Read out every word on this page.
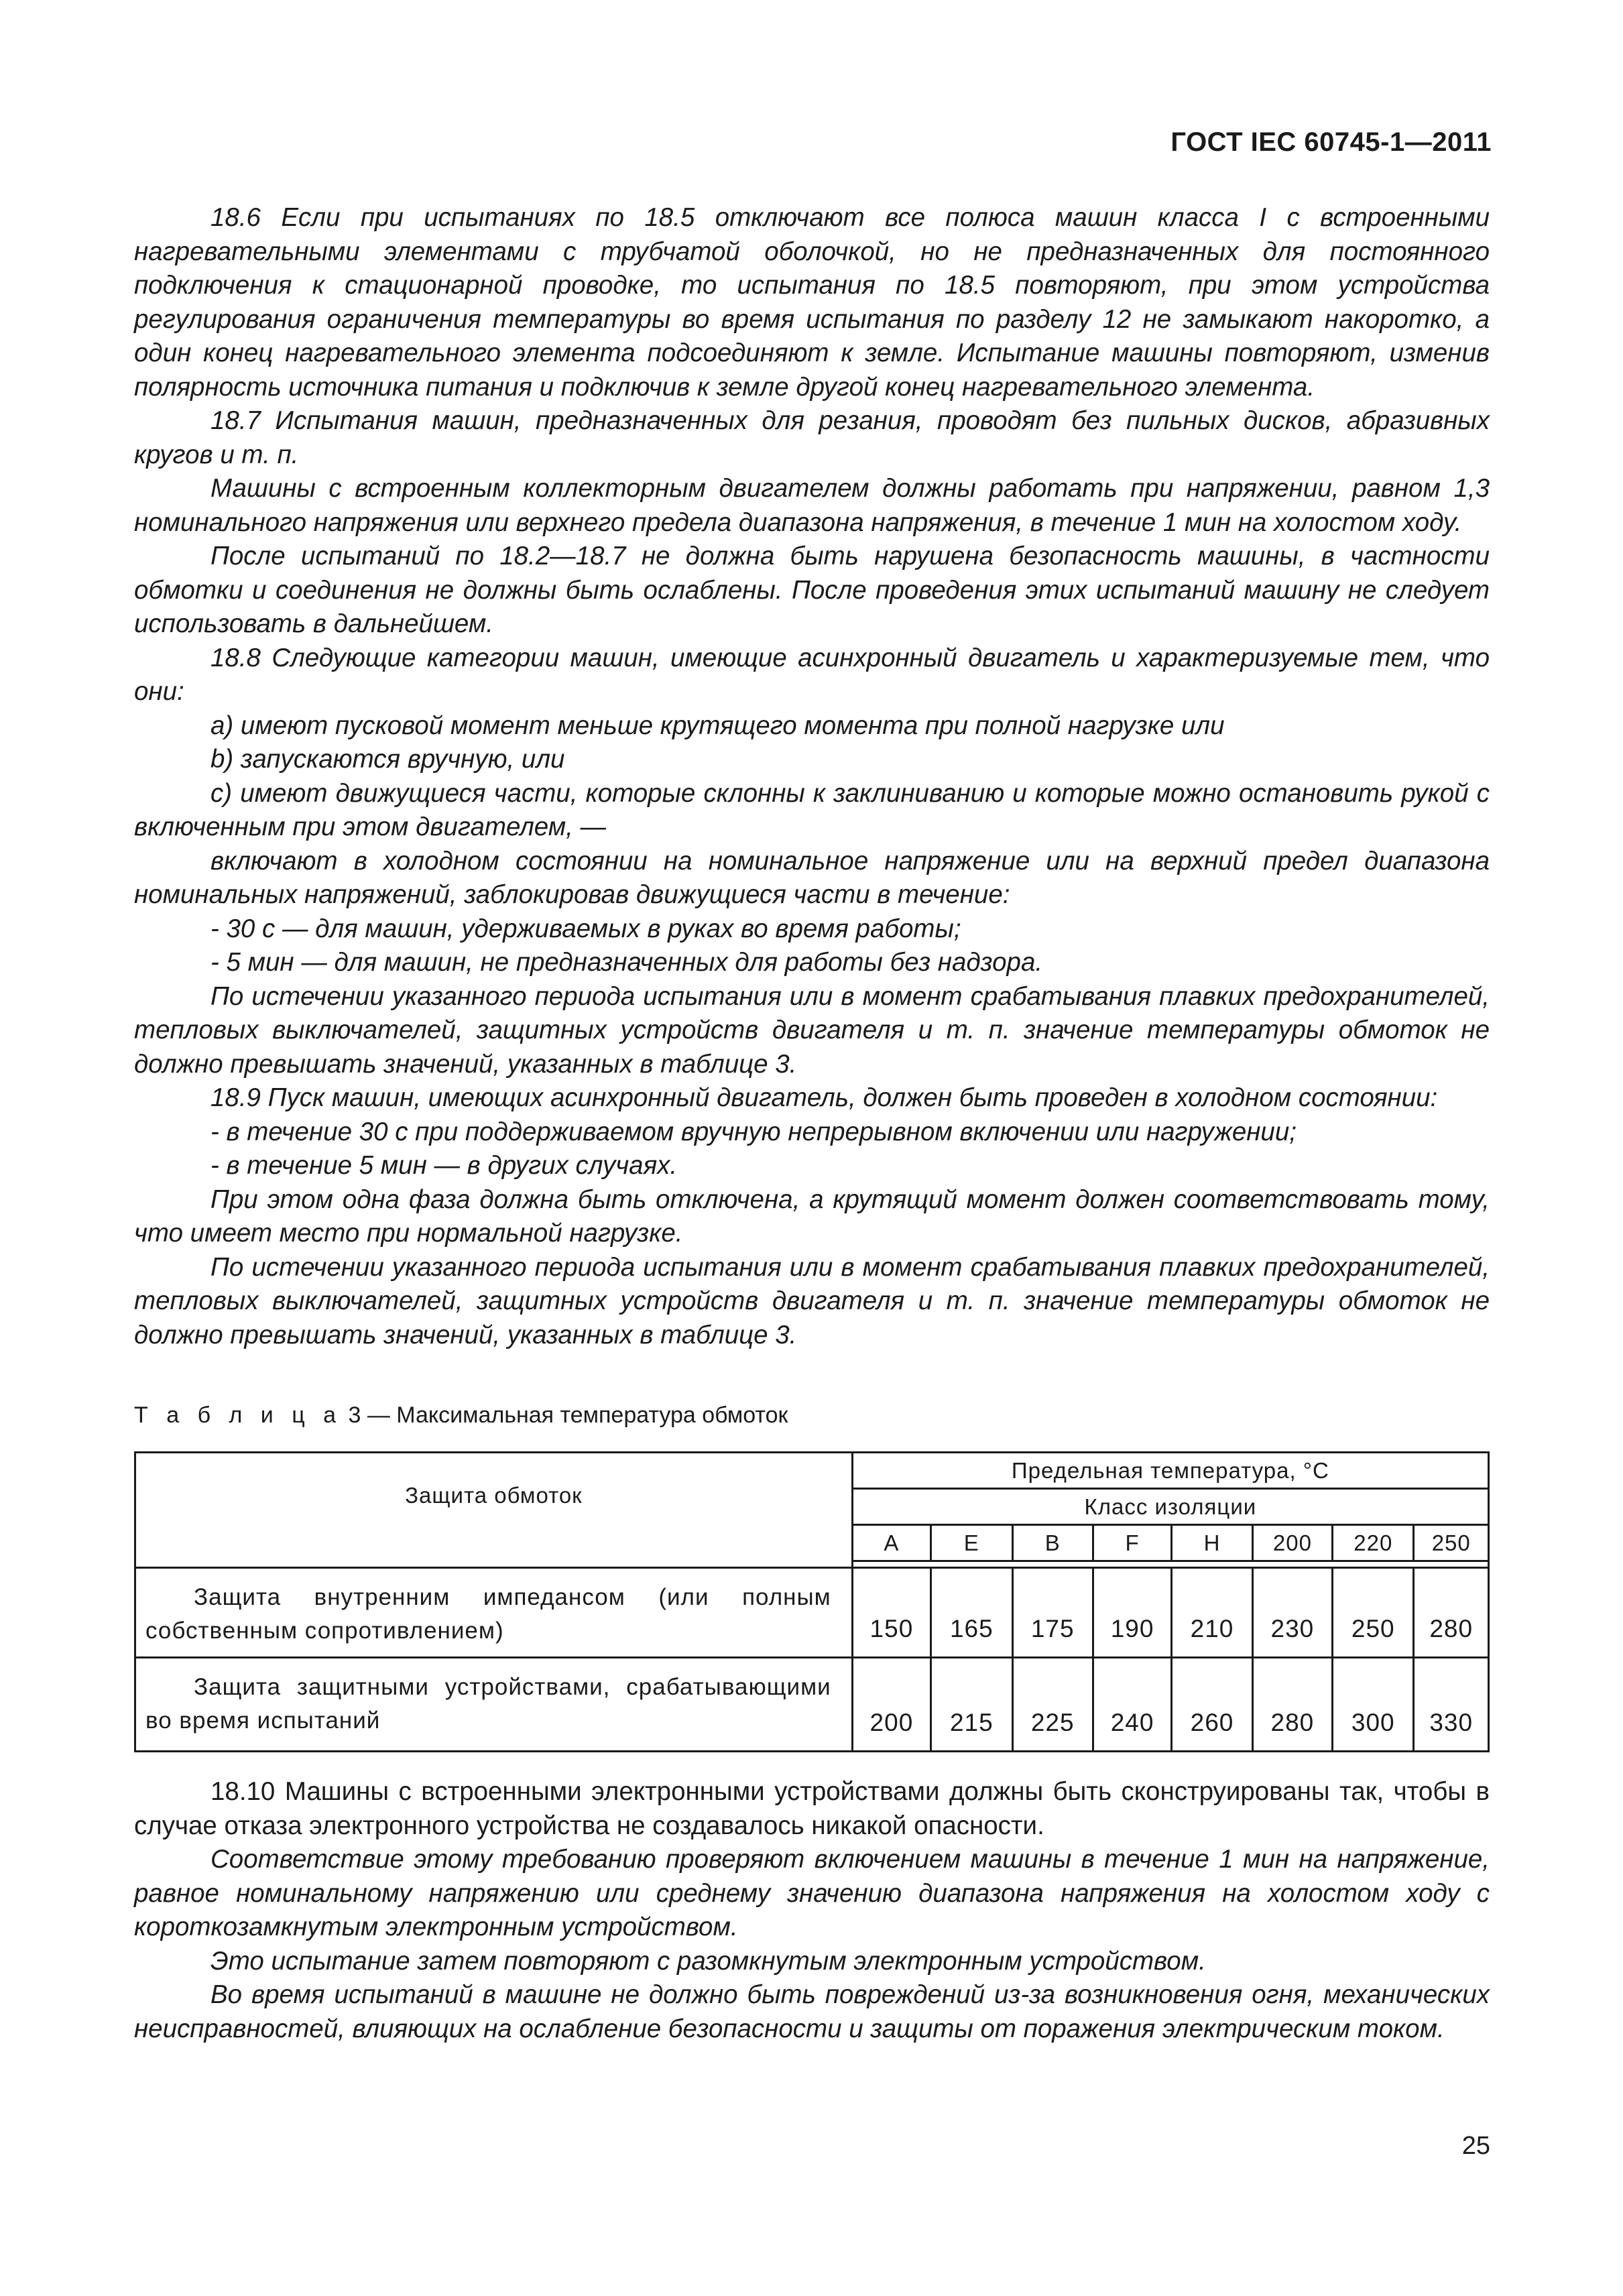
ГОСТ IEC 60745-1—2011

18.6 Если при испытаниях по 18.5 отключают все полюса машин класса I с встроенными нагревательными элементами с трубчатой оболочкой, но не предназначенных для постоянного подключения к стационарной проводке, то испытания по 18.5 повторяют, при этом устройства регулирования ограничения температуры во время испытания по разделу 12 не замыкают накоротко, а один конец нагревательного элемента подсоединяют к земле. Испытание машины повторяют, изменив полярность источника питания и подключив к земле другой конец нагревательного элемента.

18.7 Испытания машин, предназначенных для резания, проводят без пильных дисков, абразивных кругов и т. п.

Машины с встроенным коллекторным двигателем должны работать при напряжении, равном 1,3 номинального напряжения или верхнего предела диапазона напряжения, в течение 1 мин на холостом ходу.

После испытаний по 18.2—18.7 не должна быть нарушена безопасность машины, в частности обмотки и соединения не должны быть ослаблены. После проведения этих испытаний машину не следует использовать в дальнейшем.

18.8 Следующие категории машин, имеющие асинхронный двигатель и характеризуемые тем, что они:

a) имеют пусковой момент меньше крутящего момента при полной нагрузке или

b) запускаются вручную, или

c) имеют движущиеся части, которые склонны к заклиниванию и которые можно остановить рукой с включенным при этом двигателем, —

включают в холодном состоянии на номинальное напряжение или на верхний предел диапазона номинальных напряжений, заблокировав движущиеся части в течение:

- 30 с — для машин, удерживаемых в руках во время работы;

- 5 мин — для машин, не предназначенных для работы без надзора.

По истечении указанного периода испытания или в момент срабатывания плавких предохранителей, тепловых выключателей, защитных устройств двигателя и т. п. значение температуры обмоток не должно превышать значений, указанных в таблице 3.

18.9 Пуск машин, имеющих асинхронный двигатель, должен быть проведен в холодном состоянии:

- в течение 30 с при поддерживаемом вручную непрерывном включении или нагружении;

- в течение 5 мин — в других случаях.

При этом одна фаза должна быть отключена, а крутящий момент должен соответствовать тому, что имеет место при нормальной нагрузке.

По истечении указанного периода испытания или в момент срабатывания плавких предохранителей, тепловых выключателей, защитных устройств двигателя и т. п. значение температуры обмоток не должно превышать значений, указанных в таблице 3.

Т а б л и ц а 3 — Максимальная температура обмоток
Защита обмоток	Предельная температура, °С							
	Класс изоляции							
	A	E	B	F	H	200	220	250

Защита внутренним импедансом (или полным собственным сопротивлением)	150	165	175	190	210	230	250	280
Защита защитными устройствами, срабатывающими во время испытаний	200	215	225	240	260	280	300	330

18.10 Машины с встроенными электронными устройствами должны быть сконструированы так, чтобы в случае отказа электронного устройства не создавалось никакой опасности.

Соответствие этому требованию проверяют включением машины в течение 1 мин на напряжение, равное номинальному напряжению или среднему значению диапазона напряжения на холостом ходу с короткозамкнутым электронным устройством.

Это испытание затем повторяют с разомкнутым электронным устройством.

Во время испытаний в машине не должно быть повреждений из-за возникновения огня, механических неисправностей, влияющих на ослабление безопасности и защиты от поражения электрическим током.

25
